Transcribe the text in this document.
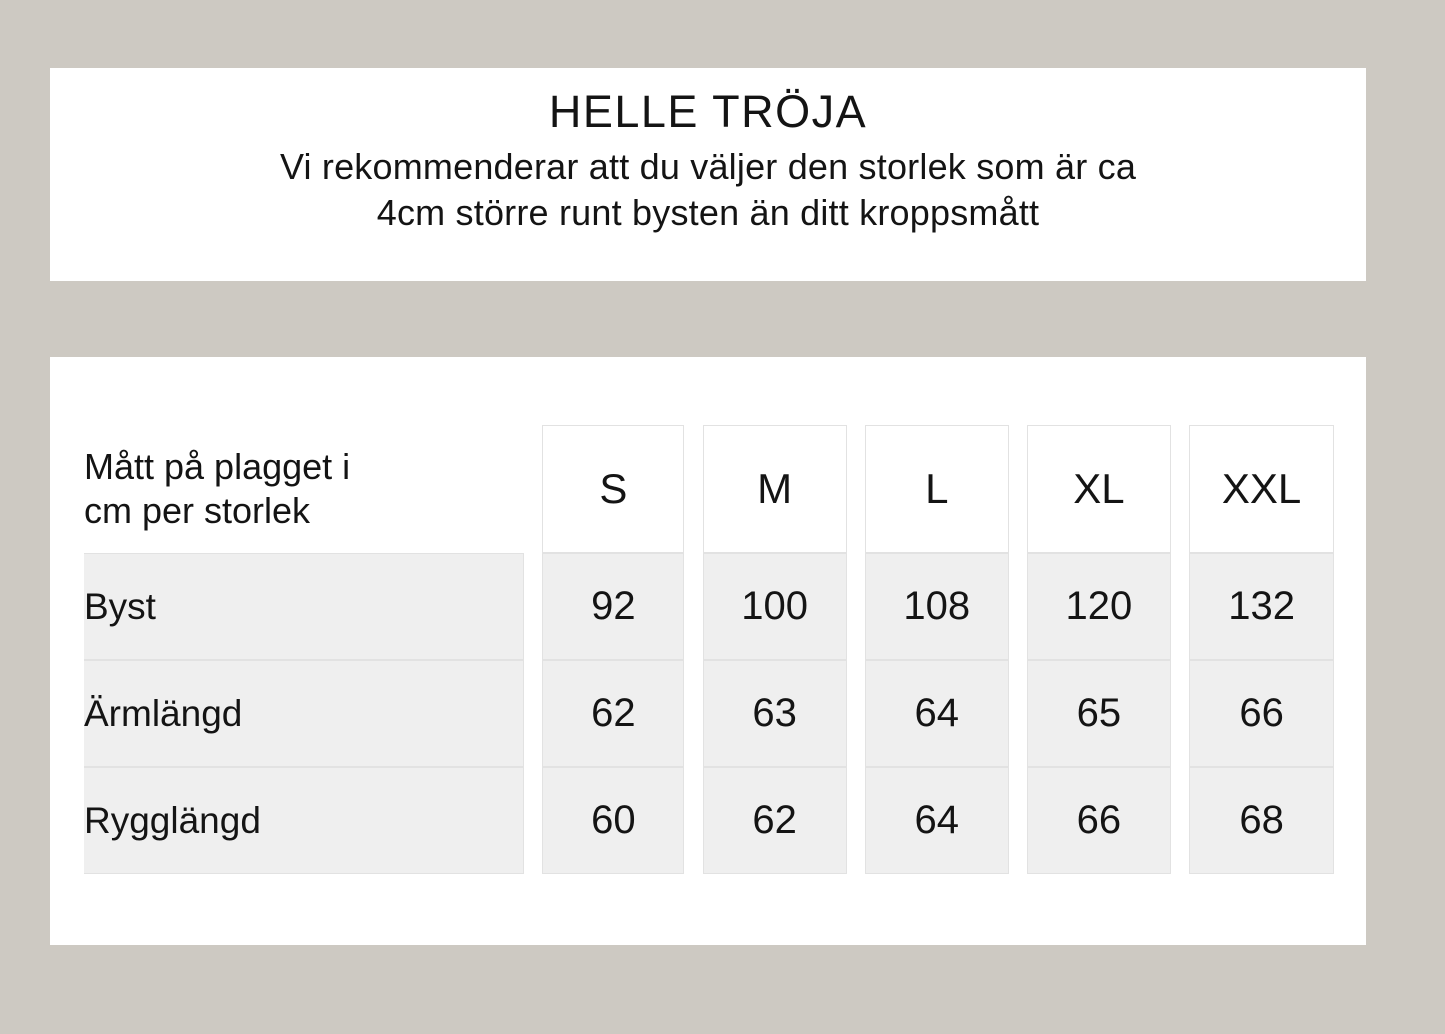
HELLE TRÖJA
Vi rekommenderar att du väljer den storlek som är ca
4cm större runt bysten än ditt kroppsmått
Mått på plagget i
cm per storlek		S		M		L		XL		XXL
Byst		92		100		108		120		132
Ärmlängd		62		63		64		65		66
Rygglängd		60		62		64		66		68
